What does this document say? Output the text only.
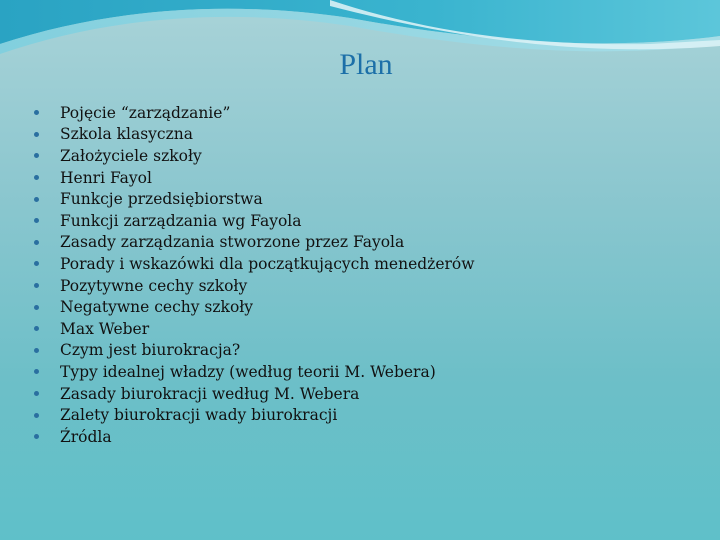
Plan
Pojęcie “zarządzanie”
Szkola klasyczna
Założyciele szkoły
Henri Fayol
Funkcje przedsiębiorstwa
Funkcji zarządzania wg Fayola
Zasady zarządzania stworzone przez Fayola
Porady i wskazówki dla początkujących menedżerów
Pozytywne cechy szkoły
Negatywne cechy szkoły
Max Weber
Czym jest biurokracja?
Typy idealnej władzy (według teorii M. Webera)
Zasady biurokracji według M. Webera
Zalety biurokracji wady biurokracji
Źródla
